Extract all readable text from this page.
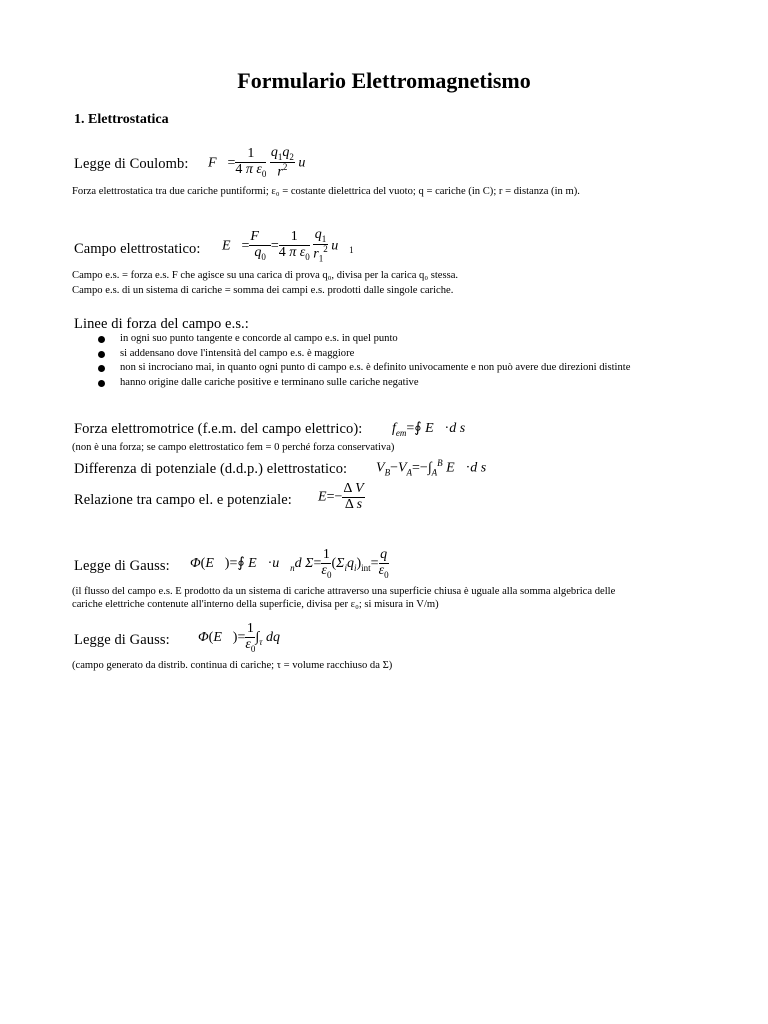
Formulario Elettromagnetismo
1. Elettrostatica
Legge di Coulomb: F⃗= $\frac{1}{4 \pi \varepsilon_0}$
$\frac{q_1q_2}{r^2}$ u⃗
Forza elettrostatica tra due cariche puntiformi; ε₀ = costante dielettrica del vuoto; q = cariche (in C); r = distanza (in m).
Campo elettrostatico: E⃗= $\frac{F⃗}{q_0} = \frac{1}{4 \pi \varepsilon_0}$
$\frac{q_1}{r_1^2}$ $u⃗_1$
Campo e.s. = forza e.s. F che agisce su una carica di prova q₀, divisa per la carica q₀ stessa.
Campo e.s. di un sistema di cariche = somma dei campi e.s. prodotti dalle singole cariche.
Linee di forza del campo e.s.:
in ogni suo punto tangente e concorde al campo e.s. in quel punto
si addensano dove l'intensità del campo e.s. è maggiore
non si incrociano mai, in quanto ogni punto di campo e.s. è definito univocamente e non può avere due direzioni distinte
hanno origine dalle cariche positive e terminano sulle cariche negative
Forza elettromotrice (f.e.m. del campo elettrico): $f_{em}=∮$ E⃗·d s⃗
(non è una forza; se campo elettrostatico fem = 0 perché forza conservativa)
Differenza di potenziale (d.d.p.) elettrostatico: $V_B-V_A=-\int_A^B$ E⃗·d s⃗
Relazione tra campo el. e potenziale: $E=- \frac{\text{Δ V}}{\text{Δ s}}$
Legge di Gauss: Φ(E⃗)=∮ $E⃗\cdot u⃗_nd$ $\Sigma= \frac{1}{\varepsilon_0} (\Sigma_iq_i)_{int}= \frac{q}{\varepsilon_0}$
(il flusso del campo e.s. E prodotto da un sistema di cariche attraverso una superficie chiusa è uguale alla somma algebrica delle
cariche elettriche contenute all'interno della superficie, divisa per ε₀; si misura in V/m)
Legge di Gauss: Φ(E⃗)= $\frac{1}{\varepsilon_0} \int_\tau$ dq
(campo generato da distrib. continua di cariche; τ = volume racchiuso da Σ)
